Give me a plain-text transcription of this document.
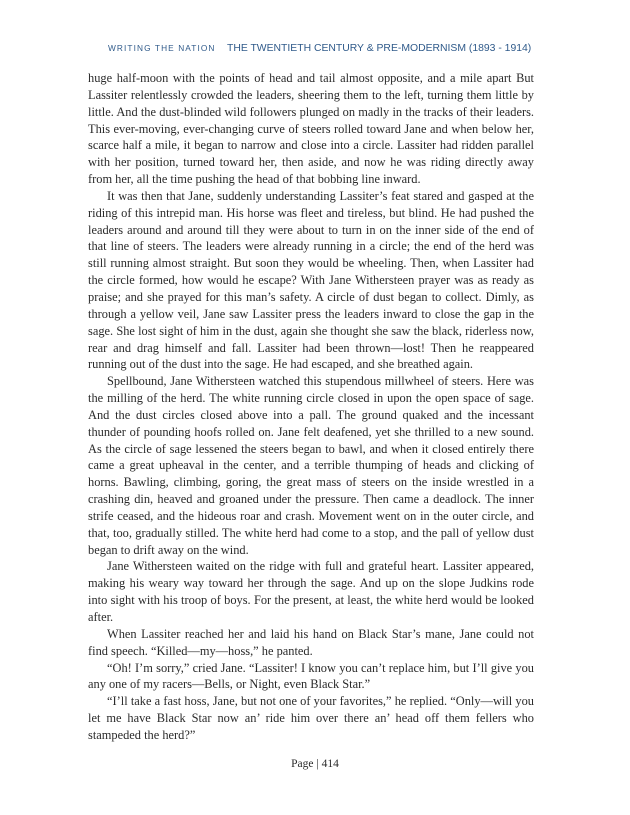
WRITING THE NATION THE TWENTIETH CENTURY & PRE-MODERNISM (1893 - 1914)

huge half-moon with the points of head and tail almost opposite, and a mile apart But Lassiter relentlessly crowded the leaders, sheering them to the left, turning them little by little. And the dust-blinded wild followers plunged on madly in the tracks of their leaders. This ever-moving, ever-changing curve of steers rolled toward Jane and when below her, scarce half a mile, it began to narrow and close into a circle. Lassiter had ridden parallel with her position, turned toward her, then aside, and now he was riding directly away from her, all the time pushing the head of that bobbing line inward.

It was then that Jane, suddenly understanding Lassiter’s feat stared and gasped at the riding of this intrepid man. His horse was fleet and tireless, but blind. He had pushed the leaders around and around till they were about to turn in on the inner side of the end of that line of steers. The leaders were already running in a circle; the end of the herd was still running almost straight. But soon they would be wheeling. Then, when Lassiter had the circle formed, how would he escape? With Jane Withersteen prayer was as ready as praise; and she prayed for this man’s safety. A circle of dust began to collect. Dimly, as through a yellow veil, Jane saw Lassiter press the leaders inward to close the gap in the sage. She lost sight of him in the dust, again she thought she saw the black, riderless now, rear and drag himself and fall. Lassiter had been thrown—lost! Then he reappeared running out of the dust into the sage. He had escaped, and she breathed again.

Spellbound, Jane Withersteen watched this stupendous millwheel of steers. Here was the milling of the herd. The white running circle closed in upon the open space of sage. And the dust circles closed above into a pall. The ground quaked and the incessant thunder of pounding hoofs rolled on. Jane felt deafened, yet she thrilled to a new sound. As the circle of sage lessened the steers began to bawl, and when it closed entirely there came a great upheaval in the center, and a terrible thumping of heads and clicking of horns. Bawling, climbing, goring, the great mass of steers on the inside wrestled in a crashing din, heaved and groaned under the pressure. Then came a deadlock. The inner strife ceased, and the hideous roar and crash. Movement went on in the outer circle, and that, too, gradually stilled. The white herd had come to a stop, and the pall of yellow dust began to drift away on the wind.

Jane Withersteen waited on the ridge with full and grateful heart. Lassiter appeared, making his weary way toward her through the sage. And up on the slope Judkins rode into sight with his troop of boys. For the present, at least, the white herd would be looked after.

When Lassiter reached her and laid his hand on Black Star’s mane, Jane could not find speech. “Killed—my—hoss,” he panted.

“Oh! I’m sorry,” cried Jane. “Lassiter! I know you can’t replace him, but I’ll give you any one of my racers—Bells, or Night, even Black Star.”

“I’ll take a fast hoss, Jane, but not one of your favorites,” he replied. “Only—will you let me have Black Star now an’ ride him over there an’ head off them fellers who stampeded the herd?”

Page | 414
